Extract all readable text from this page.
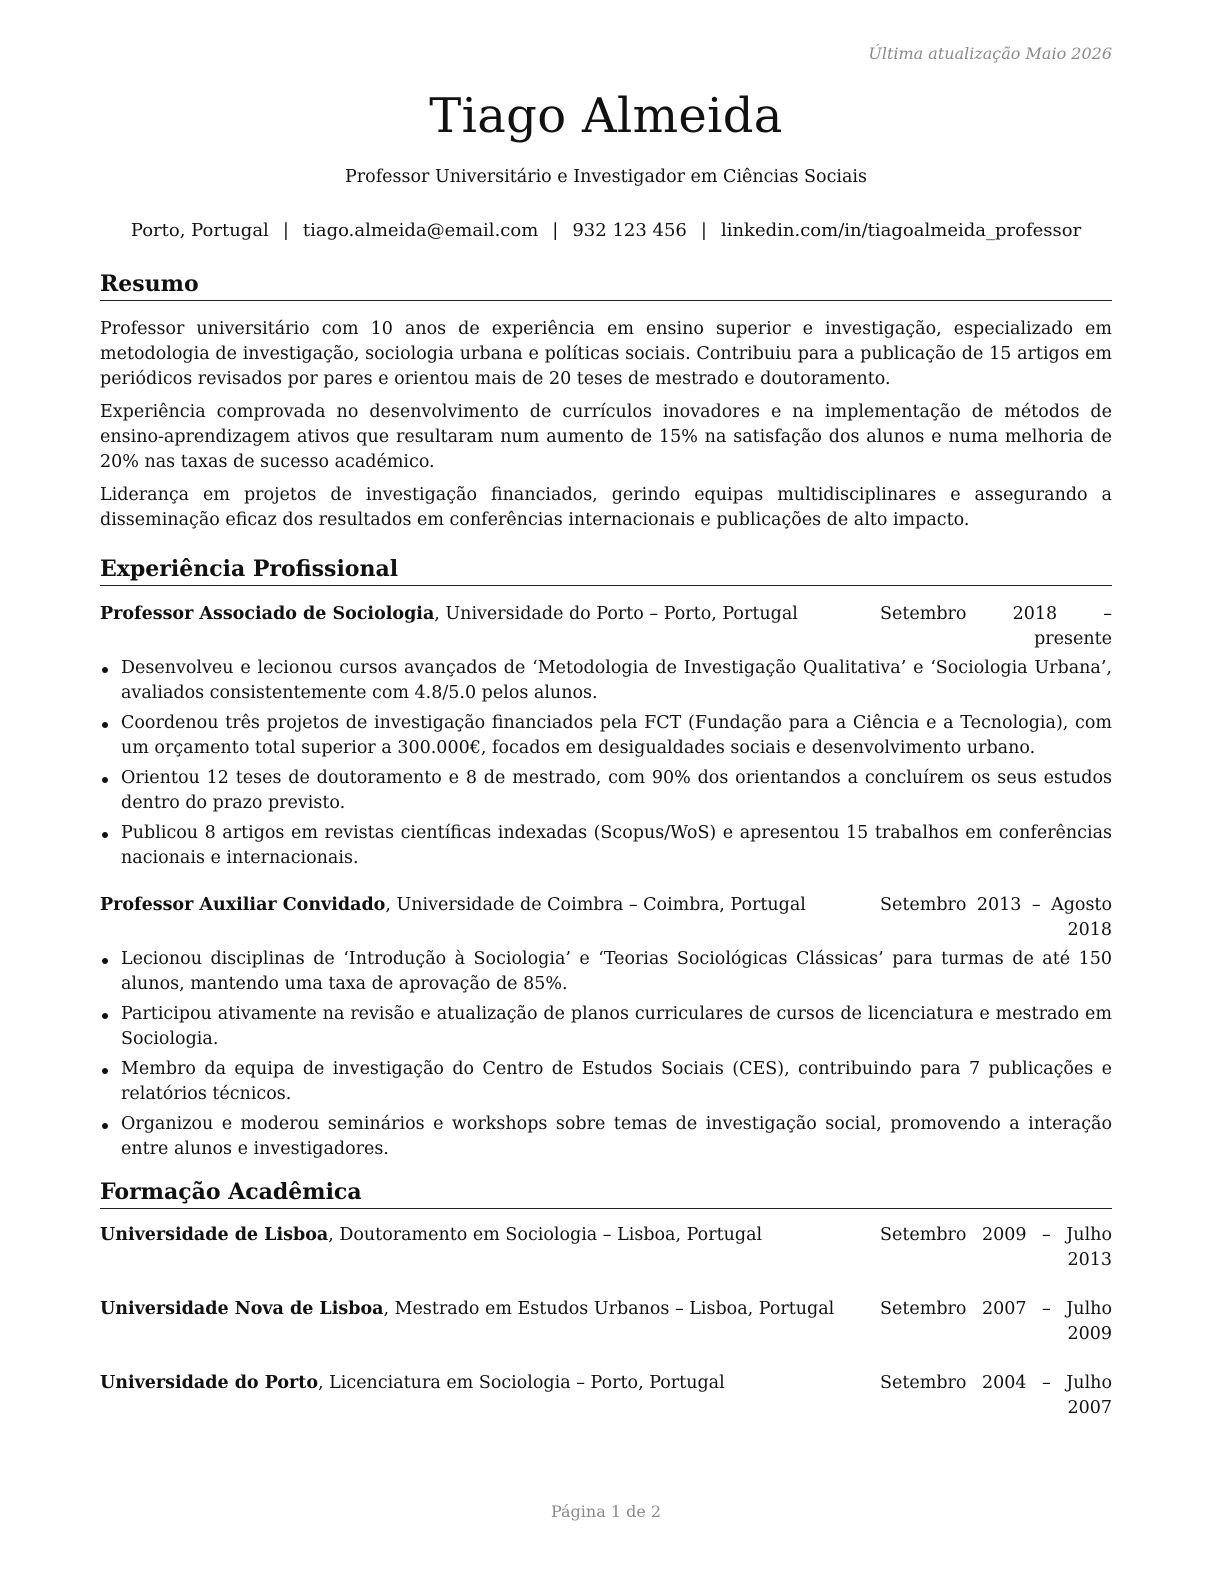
Última atualização Maio 2026
Tiago Almeida
Professor Universitário e Investigador em Ciências Sociais
Porto, Portugal | tiago.almeida@email.com | 932 123 456 | linkedin.com/in/tiagoalmeida_professor
Resumo

Professor universitário com 10 anos de experiência em ensino superior e investigação, especializado em metodologia de investigação, sociologia urbana e políticas sociais. Contribuiu para a publicação de 15 artigos em periódicos revisados por pares e orientou mais de 20 teses de mestrado e doutoramento.

Experiência comprovada no desenvolvimento de currículos inovadores e na implementação de métodos de ensino-aprendizagem ativos que resultaram num aumento de 15% na satisfação dos alunos e numa melhoria de 20% nas taxas de sucesso académico.

Liderança em projetos de investigação financiados, gerindo equipas multidisciplinares e assegurando a disseminação eficaz dos resultados em conferências internacionais e publicações de alto impacto.

Experiência Profissional
Professor Associado de Sociologia, Universidade do Porto – Porto, Portugal	Setembro 2018 – presente
Desenvolveu e lecionou cursos avançados de ‘Metodologia de Investigação Qualitativa’ e ‘Sociologia Urbana’, avaliados consistentemente com 4.8/5.0 pelos alunos.
Coordenou três projetos de investigação financiados pela FCT (Fundação para a Ciência e a Tecnologia), com um orçamento total superior a 300.000€, focados em desigualdades sociais e desenvolvimento urbano.
Orientou 12 teses de doutoramento e 8 de mestrado, com 90% dos orientandos a concluírem os seus estudos dentro do prazo previsto.
Publicou 8 artigos em revistas científicas indexadas (Scopus/WoS) e apresentou 15 trabalhos em conferências nacionais e internacionais.
Professor Auxiliar Convidado, Universidade de Coimbra – Coimbra, Portugal	Setembro 2013 – Agosto 2018
Lecionou disciplinas de ‘Introdução à Sociologia’ e ‘Teorias Sociológicas Clássicas’ para turmas de até 150 alunos, mantendo uma taxa de aprovação de 85%.
Participou ativamente na revisão e atualização de planos curriculares de cursos de licenciatura e mestrado em Sociologia.
Membro da equipa de investigação do Centro de Estudos Sociais (CES), contribuindo para 7 publicações e relatórios técnicos.
Organizou e moderou seminários e workshops sobre temas de investigação social, promovendo a interação entre alunos e investigadores.
Formação Acadêmica
Universidade de Lisboa, Doutoramento em Sociologia – Lisboa, Portugal	Setembro 2009 – Julho 2013
Universidade Nova de Lisboa, Mestrado em Estudos Urbanos – Lisboa, Portugal	Setembro 2007 – Julho 2009
Universidade do Porto, Licenciatura em Sociologia – Porto, Portugal	Setembro 2004 – Julho 2007
Página 1 de 2
